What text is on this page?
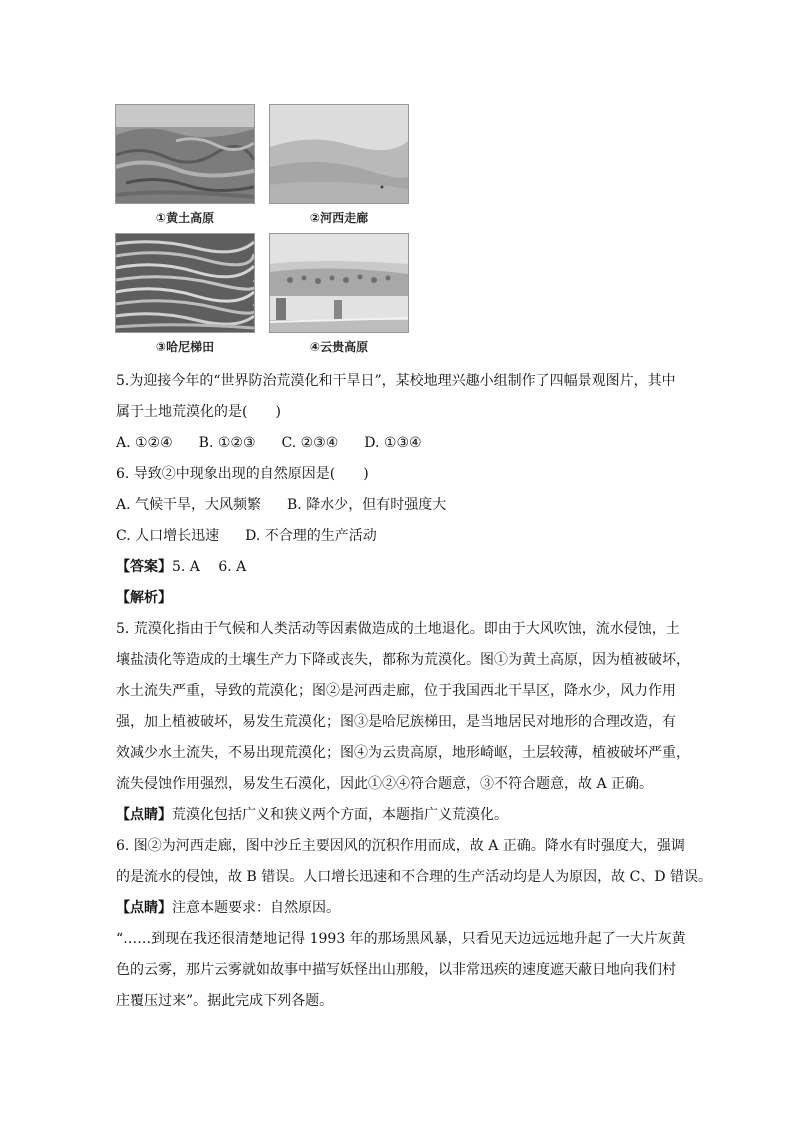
①黄土高原	②河西走廊
③哈尼梯田	④云贵高原
5.为迎接今年的“世界防治荒漠化和干旱日”，某校地理兴趣小组制作了四幅景观图片，其中
属于土地荒漠化的是(　　)
A. ①②④ B. ①②③ C. ②③④ D. ①③④
6. 导致②中现象出现的自然原因是(　　)
A. 气候干旱，大风频繁 B. 降水少，但有时强度大
C. 人口增长迅速 D. 不合理的生产活动
【答案】5. A　 6. A
【解析】
5. 荒漠化指由于气候和人类活动等因素做造成的土地退化。即由于大风吹蚀，流水侵蚀，土
壤盐渍化等造成的土壤生产力下降或丧失，都称为荒漠化。图①为黄土高原，因为植被破坏，
水土流失严重，导致的荒漠化；图②是河西走廊，位于我国西北干旱区，降水少，风力作用
强，加上植被破坏，易发生荒漠化；图③是哈尼族梯田，是当地居民对地形的合理改造，有
效减少水土流失，不易出现荒漠化；图④为云贵高原，地形崎岖，土层较薄，植被破坏严重，
流失侵蚀作用强烈，易发生石漠化，因此①②④符合题意，③不符合题意，故 A 正确。
【点睛】荒漠化包括广义和狭义两个方面，本题指广义荒漠化。
6. 图②为河西走廊，图中沙丘主要因风的沉积作用而成，故 A 正确。降水有时强度大，强调
的是流水的侵蚀，故 B 错误。人口增长迅速和不合理的生产活动均是人为原因，故 C、D 错误。
【点睛】注意本题要求：自然原因。
“……到现在我还很清楚地记得 1993 年的那场黑风暴，只看见天边远远地升起了一大片灰黄
色的云雾，那片云雾就如故事中描写妖怪出山那般，以非常迅疾的速度遮天蔽日地向我们村
庄覆压过来”。据此完成下列各题。
